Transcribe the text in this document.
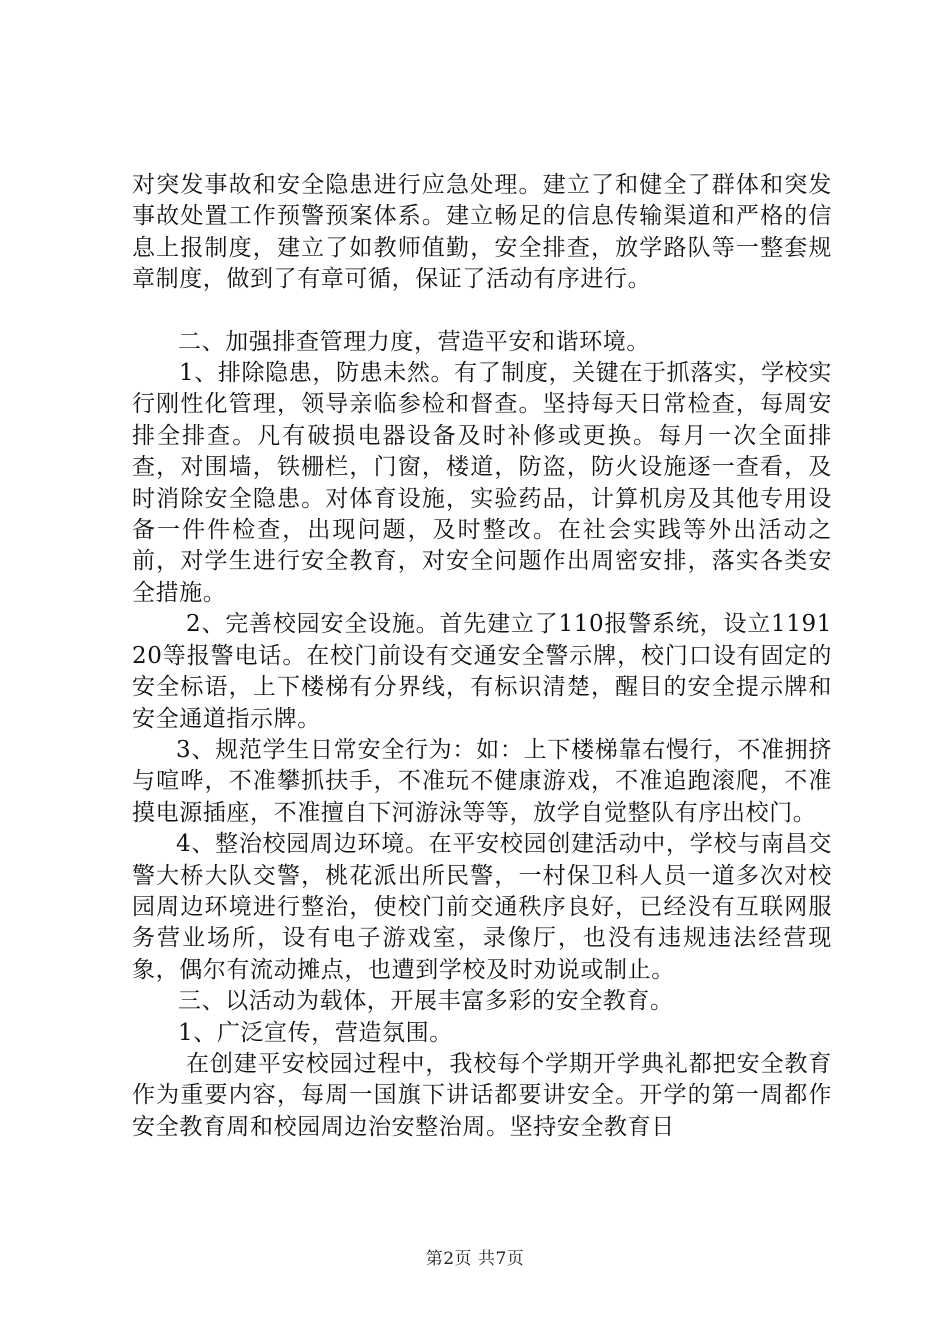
对突发事故和安全隐患进行应急处理。建立了和健全了群体和突发事故处置工作预警预案体系。建立畅足的信息传输渠道和严格的信息上报制度，建立了如教师值勤，安全排查，放学路队等一整套规章制度，做到了有章可循，保证了活动有序进行。

二、加强排查管理力度，营造平安和谐环境。

1、排除隐患，防患未然。有了制度，关键在于抓落实，学校实行刚性化管理，领导亲临参检和督查。坚持每天日常检查，每周安排全排查。凡有破损电器设备及时补修或更换。每月一次全面排查，对围墙，铁栅栏，门窗，楼道，防盗，防火设施逐一查看，及时消除安全隐患。对体育设施，实验药品，计算机房及其他专用设备一件件检查，出现问题，及时整改。在社会实践等外出活动之前，对学生进行安全教育，对安全问题作出周密安排，落实各类安全措施。

2、完善校园安全设施。首先建立了110报警系统，设立119120等报警电话。在校门前设有交通安全警示牌，校门口设有固定的安全标语，上下楼梯有分界线，有标识清楚，醒目的安全提示牌和安全通道指示牌。

3、规范学生日常安全行为：如：上下楼梯靠右慢行，不准拥挤与喧哗，不准攀抓扶手，不准玩不健康游戏，不准追跑滚爬，不准摸电源插座，不准擅自下河游泳等等，放学自觉整队有序出校门。

4、整治校园周边环境。在平安校园创建活动中，学校与南昌交警大桥大队交警，桃花派出所民警，一村保卫科人员一道多次对校园周边环境进行整治，使校门前交通秩序良好，已经没有互联网服务营业场所，设有电子游戏室，录像厅，也没有违规违法经营现象，偶尔有流动摊点，也遭到学校及时劝说或制止。

三、以活动为载体，开展丰富多彩的安全教育。

1、广泛宣传，营造氛围。

在创建平安校园过程中，我校每个学期开学典礼都把安全教育作为重要内容，每周一国旗下讲话都要讲安全。开学的第一周都作安全教育周和校园周边治安整治周。坚持安全教育日

第2页 共7页
